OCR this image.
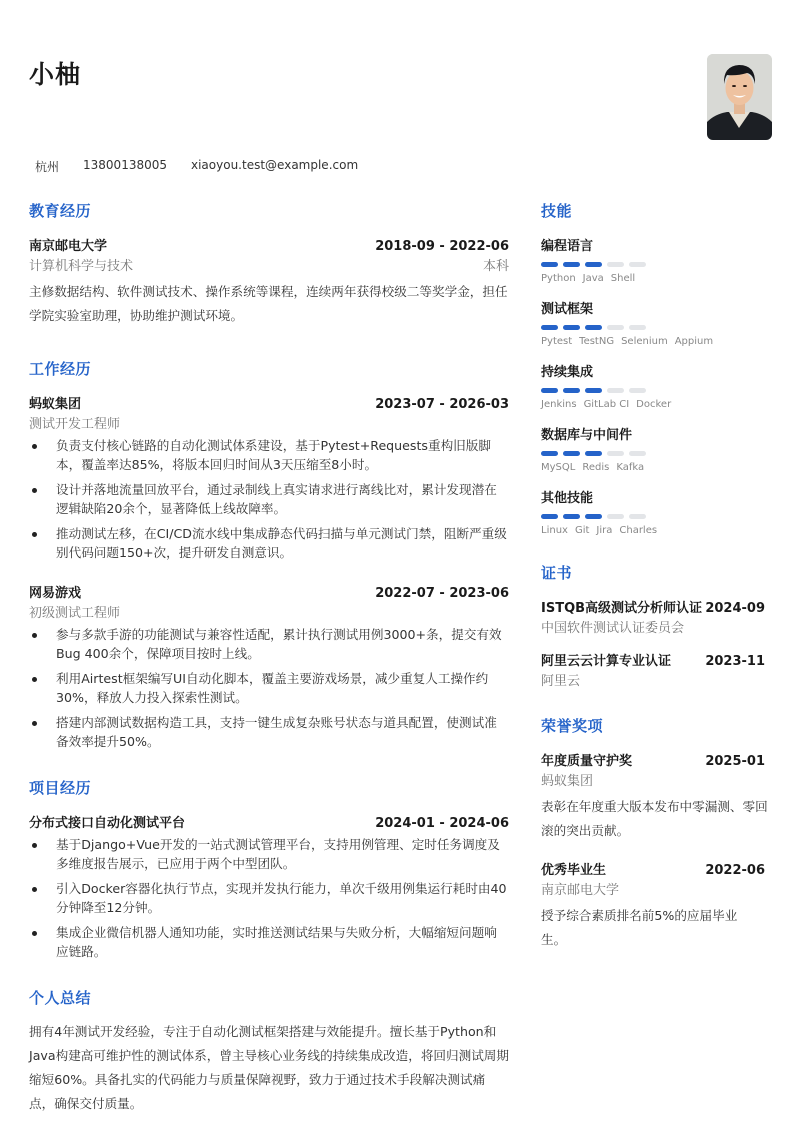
小柚
杭州 13800138005 xiaoyou.test@example.com
教育经历
南京邮电大学	2018-09 - 2022-06
计算机科学与技术	本科
主修数据结构、软件测试技术、操作系统等课程，连续两年获得校级二等奖学金，担任学院实验室助理，协助维护测试环境。
工作经历
蚂蚁集团	2023-07 - 2026-03
测试开发工程师
负责支付核心链路的自动化测试体系建设，基于Pytest+Requests重构旧版脚本，覆盖率达85%，将版本回归时间从3天压缩至8小时。
设计并落地流量回放平台，通过录制线上真实请求进行离线比对，累计发现潜在逻辑缺陷20余个，显著降低上线故障率。
推动测试左移，在CI/CD流水线中集成静态代码扫描与单元测试门禁，阻断严重级别代码问题150+次，提升研发自测意识。
网易游戏	2022-07 - 2023-06
初级测试工程师
参与多款手游的功能测试与兼容性适配，累计执行测试用例3000+条，提交有效Bug 400余个，保障项目按时上线。
利用Airtest框架编写UI自动化脚本，覆盖主要游戏场景，减少重复人工操作约30%，释放人力投入探索性测试。
搭建内部测试数据构造工具，支持一键生成复杂账号状态与道具配置，使测试准备效率提升50%。
项目经历
分布式接口自动化测试平台	2024-01 - 2024-06
基于Django+Vue开发的一站式测试管理平台，支持用例管理、定时任务调度及多维度报告展示，已应用于两个中型团队。
引入Docker容器化执行节点，实现并发执行能力，单次千级用例集运行耗时由40分钟降至12分钟。
集成企业微信机器人通知功能，实时推送测试结果与失败分析，大幅缩短问题响应链路。
个人总结
拥有4年测试开发经验，专注于自动化测试框架搭建与效能提升。擅长基于Python和Java构建高可维护性的测试体系，曾主导核心业务线的持续集成改造，将回归测试周期缩短60%。具备扎实的代码能力与质量保障视野，致力于通过技术手段解决测试痛点，确保交付质量。
技能
编程语言
Python Java Shell
测试框架
Pytest TestNG Selenium Appium
持续集成
Jenkins GitLab CI Docker
数据库与中间件
MySQL Redis Kafka
其他技能
Linux Git Jira Charles
证书
ISTQB高级测试分析师认证 2024-09
中国软件测试认证委员会
阿里云云计算专业认证	2023-11
阿里云
荣誉奖项
年度质量守护奖	2025-01
蚂蚁集团
表彰在年度重大版本发布中零漏测、零回滚的突出贡献。
优秀毕业生	2022-06
南京邮电大学
授予综合素质排名前5%的应届毕业生。
